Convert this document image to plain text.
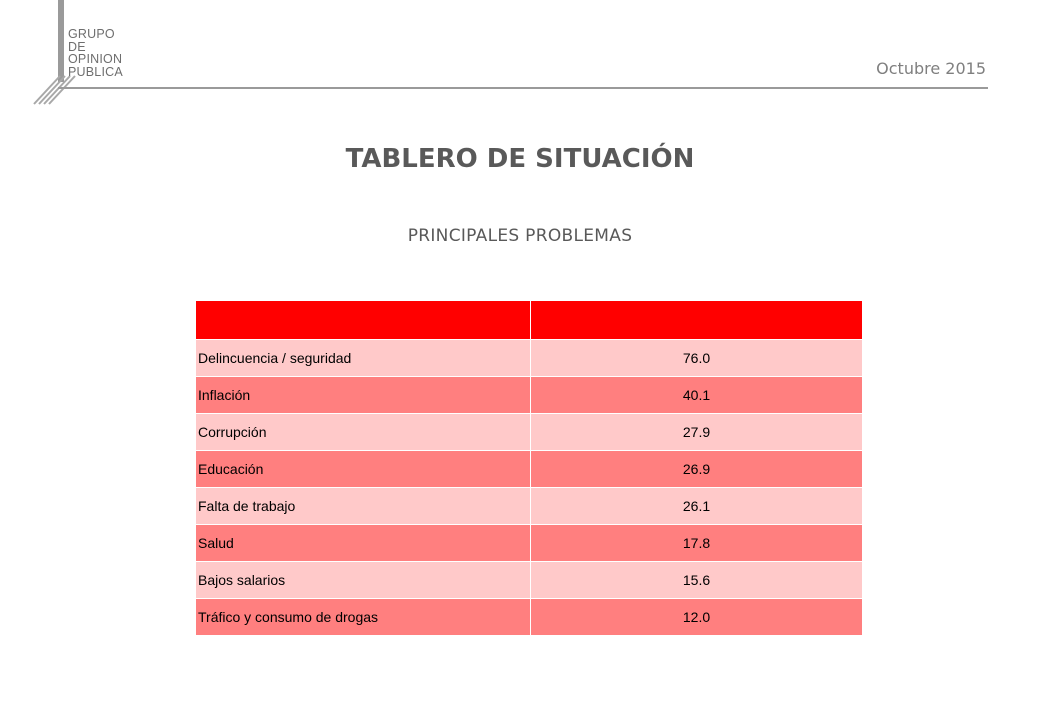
GRUPO
DE
OPINION
PUBLICA	Octubre 2015
TABLERO DE SITUACIÓN
PRINCIPALES PROBLEMAS

Delincuencia / seguridad	76.0
Inflación	40.1
Corrupción	27.9
Educación	26.9
Falta de trabajo	26.1
Salud	17.8
Bajos salarios	15.6
Tráfico y consumo de drogas	12.0
